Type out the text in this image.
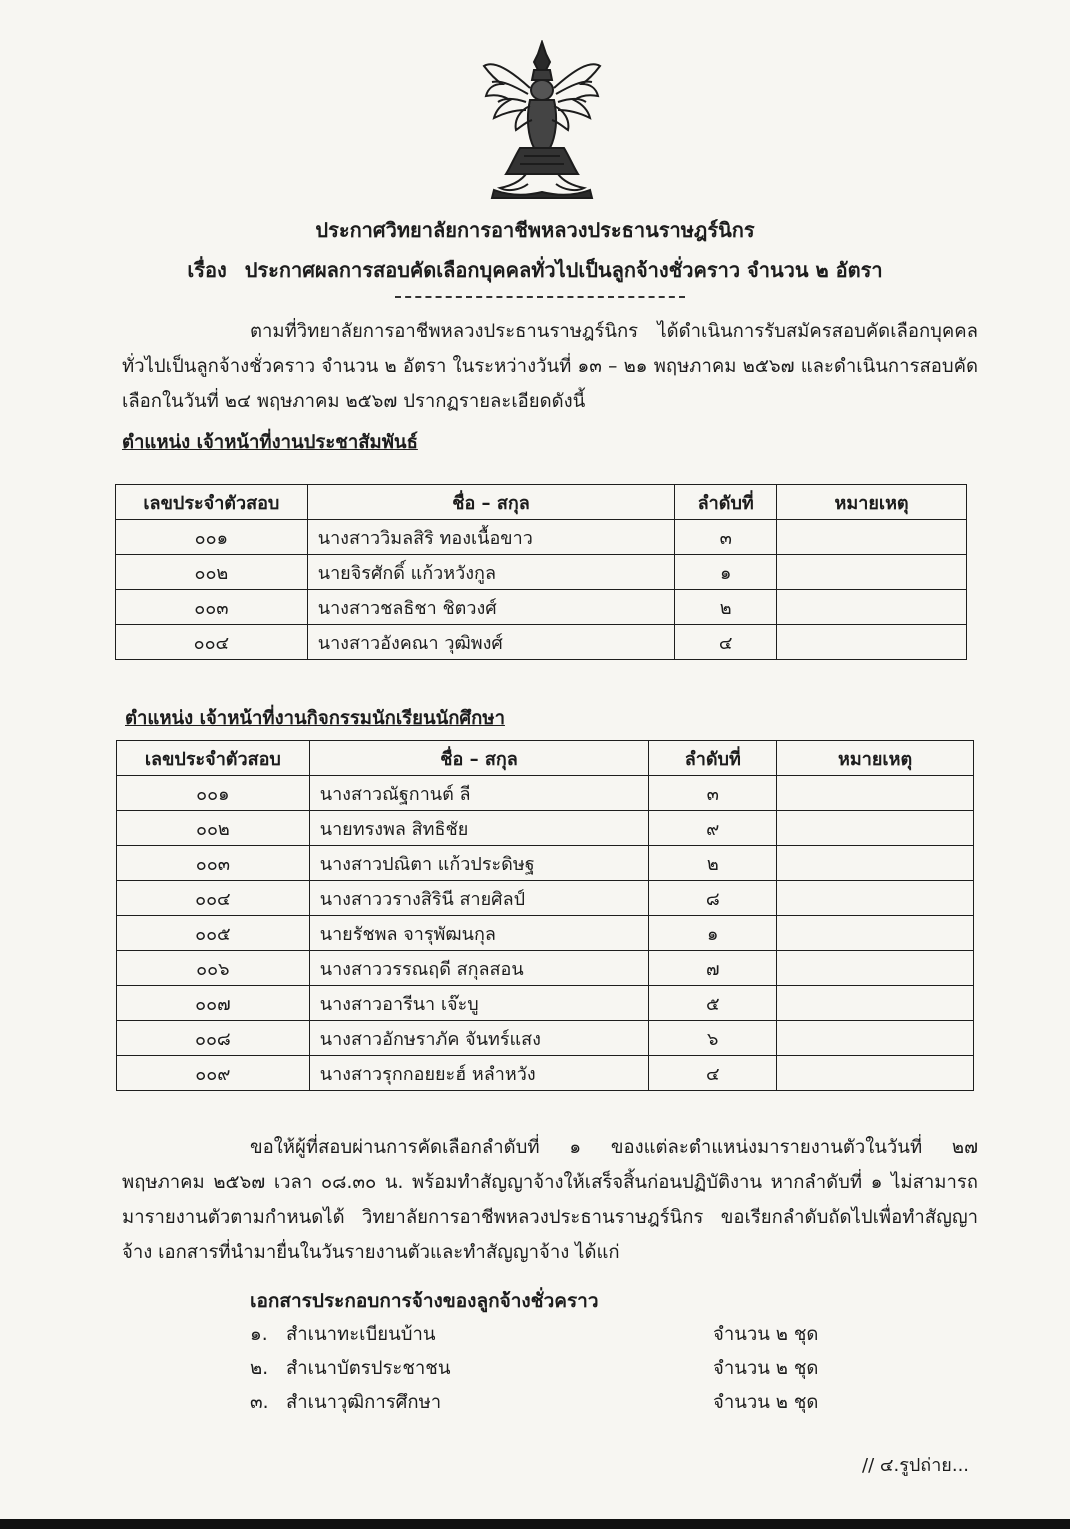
ประกาศวิทยาลัยการอาชีพหลวงประธานราษฎร์นิกร
เรื่อง ประกาศผลการสอบคัดเลือกบุคคลทั่วไปเป็นลูกจ้างชั่วคราว จำนวน ๒ อัตรา
ตามที่วิทยาลัยการอาชีพหลวงประธานราษฎร์นิกร ได้ดำเนินการรับสมัครสอบคัดเลือกบุคคลทั่วไปเป็นลูกจ้างชั่วคราว จำนวน ๒ อัตรา ในระหว่างวันที่ ๑๓ – ๒๑ พฤษภาคม ๒๕๖๗ และดำเนินการสอบคัดเลือกในวันที่ ๒๔ พฤษภาคม ๒๕๖๗ ปรากฏรายละเอียดดังนี้
ตำแหน่ง เจ้าหน้าที่งานประชาสัมพันธ์
เลขประจำตัวสอบ	ชื่อ – สกุล	ลำดับที่	หมายเหตุ
๐๐๑	นางสาววิมลสิริ ทองเนื้อขาว	๓	
๐๐๒	นายจิรศักดิ์ แก้วหวังกูล	๑	
๐๐๓	นางสาวชลธิชา ชิตวงศ์	๒	
๐๐๔	นางสาวอังคณา วุฒิพงศ์	๔	
ตำแหน่ง เจ้าหน้าที่งานกิจกรรมนักเรียนนักศึกษา
เลขประจำตัวสอบ	ชื่อ – สกุล	ลำดับที่	หมายเหตุ
๐๐๑	นางสาวณัฐกานต์ ลี	๓	
๐๐๒	นายทรงพล สิทธิชัย	๙	
๐๐๓	นางสาวปณิตา แก้วประดิษฐ	๒	
๐๐๔	นางสาววรางสิรินี สายศิลป์	๘	
๐๐๕	นายรัชพล จารุพัฒนกุล	๑	
๐๐๖	นางสาววรรณฤดี สกุลสอน	๗	
๐๐๗	นางสาวอารีนา เจ๊ะบู	๕	
๐๐๘	นางสาวอักษราภัค จันทร์แสง	๖	
๐๐๙	นางสาวรุกกอยยะฮ์ หลำหวัง	๔	
ขอให้ผู้ที่สอบผ่านการคัดเลือกลำดับที่ ๑ ของแต่ละตำแหน่งมารายงานตัวในวันที่ ๒๗ พฤษภาคม ๒๕๖๗ เวลา ๐๘.๓๐ น. พร้อมทำสัญญาจ้างให้เสร็จสิ้นก่อนปฏิบัติงาน หากลำดับที่ ๑ ไม่สามารถมารายงานตัวตามกำหนดได้ วิทยาลัยการอาชีพหลวงประธานราษฎร์นิกร ขอเรียกลำดับถัดไปเพื่อทำสัญญาจ้าง เอกสารที่นำมายื่นในวันรายงานตัวและทำสัญญาจ้าง ได้แก่
เอกสารประกอบการจ้างของลูกจ้างชั่วคราว
๑. สำเนาทะเบียนบ้าน	จำนวน ๒ ชุด
๒. สำเนาบัตรประชาชน	จำนวน ๒ ชุด
๓. สำเนาวุฒิการศึกษา	จำนวน ๒ ชุด
// ๔.รูปถ่าย...
